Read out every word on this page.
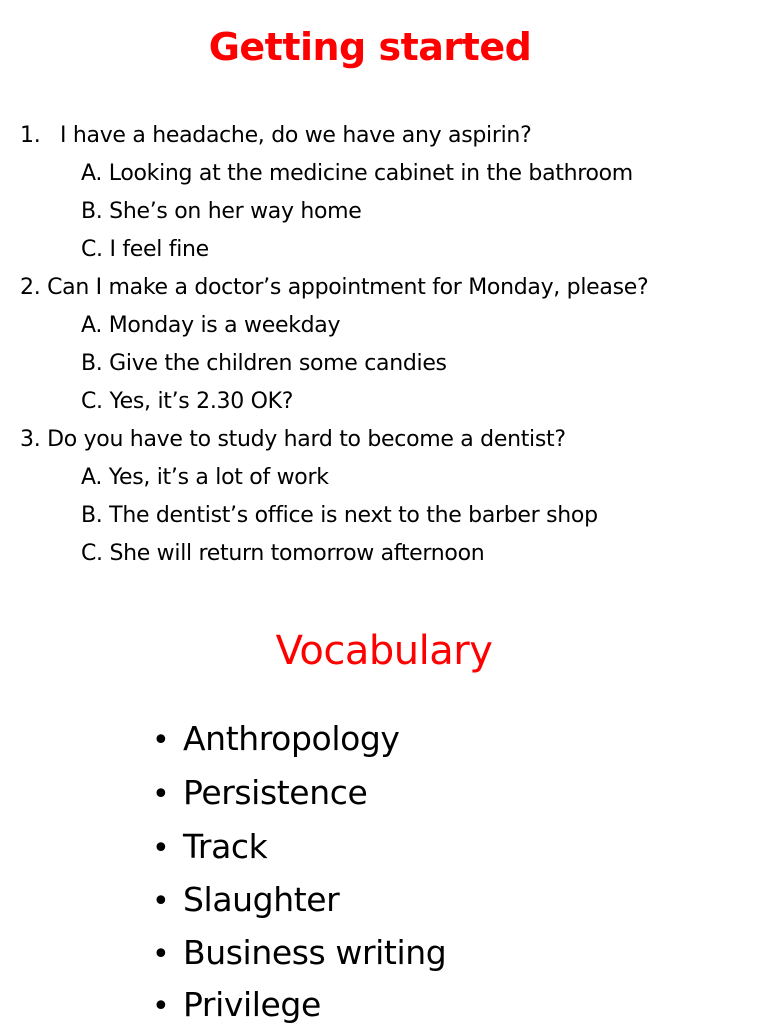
Getting started
1. I have a headache, do we have any aspirin?
A. Looking at the medicine cabinet in the bathroom
B. She’s on her way home
C. I feel fine
2. Can I make a doctor’s appointment for Monday, please?
A. Monday is a weekday
B. Give the children some candies
C. Yes, it’s 2.30 OK?
3. Do you have to study hard to become a dentist?
A. Yes, it’s a lot of work
B. The dentist’s office is next to the barber shop
C. She will return tomorrow afternoon
Vocabulary
• Anthropology
• Persistence
• Track
• Slaughter
• Business writing
• Privilege
